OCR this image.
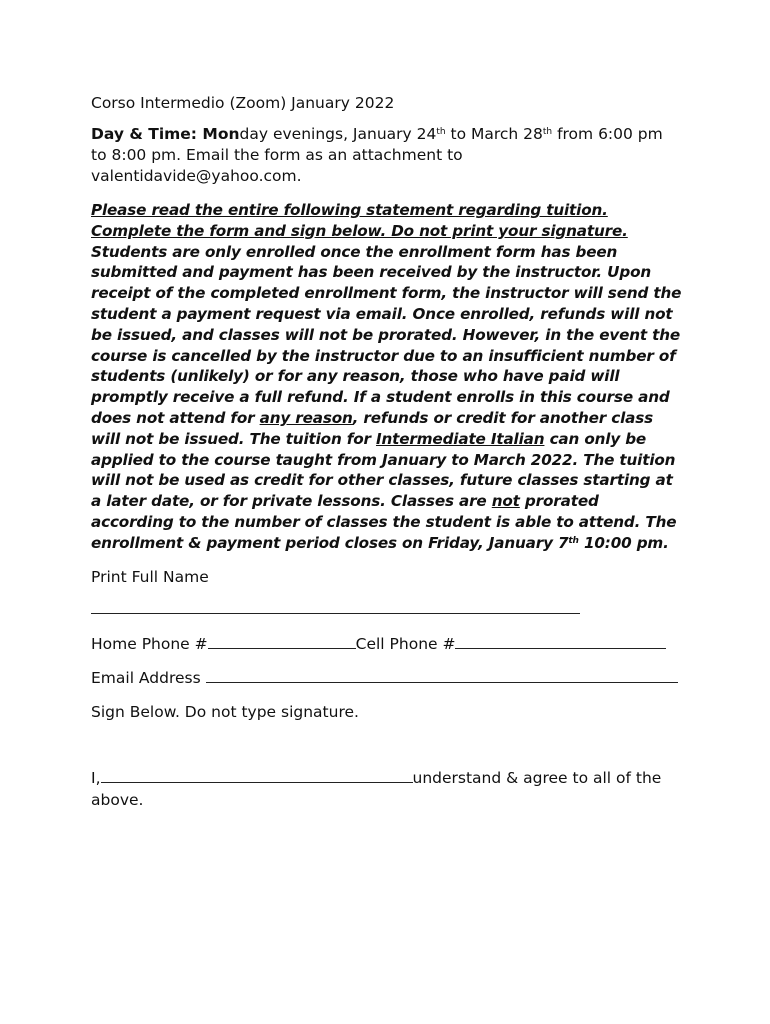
Corso Intermedio (Zoom) January 2022
Day & Time: Monday evenings, January 24th to March 28th from 6:00 pm
to 8:00 pm. Email the form as an attachment to
valentidavide@yahoo.com.
Please read the entire following statement regarding tuition.
Complete the form and sign below. Do not print your signature.
Students are only enrolled once the enrollment form has been
submitted and payment has been received by the instructor. Upon
receipt of the completed enrollment form, the instructor will send the
student a payment request via email. Once enrolled, refunds will not
be issued, and classes will not be prorated. However, in the event the
course is cancelled by the instructor due to an insufficient number of
students (unlikely) or for any reason, those who have paid will
promptly receive a full refund. If a student enrolls in this course and
does not attend for any reason, refunds or credit for another class
will not be issued. The tuition for Intermediate Italian can only be
applied to the course taught from January to March 2022. The tuition
will not be used as credit for other classes, future classes starting at
a later date, or for private lessons. Classes are not prorated
according to the number of classes the student is able to attend. The
enrollment & payment period closes on Friday, January 7th 10:00 pm.
Print Full Name
Home Phone #	Cell Phone #
Email Address
Sign Below. Do not type signature.
I,	understand & agree to all of the
above.
